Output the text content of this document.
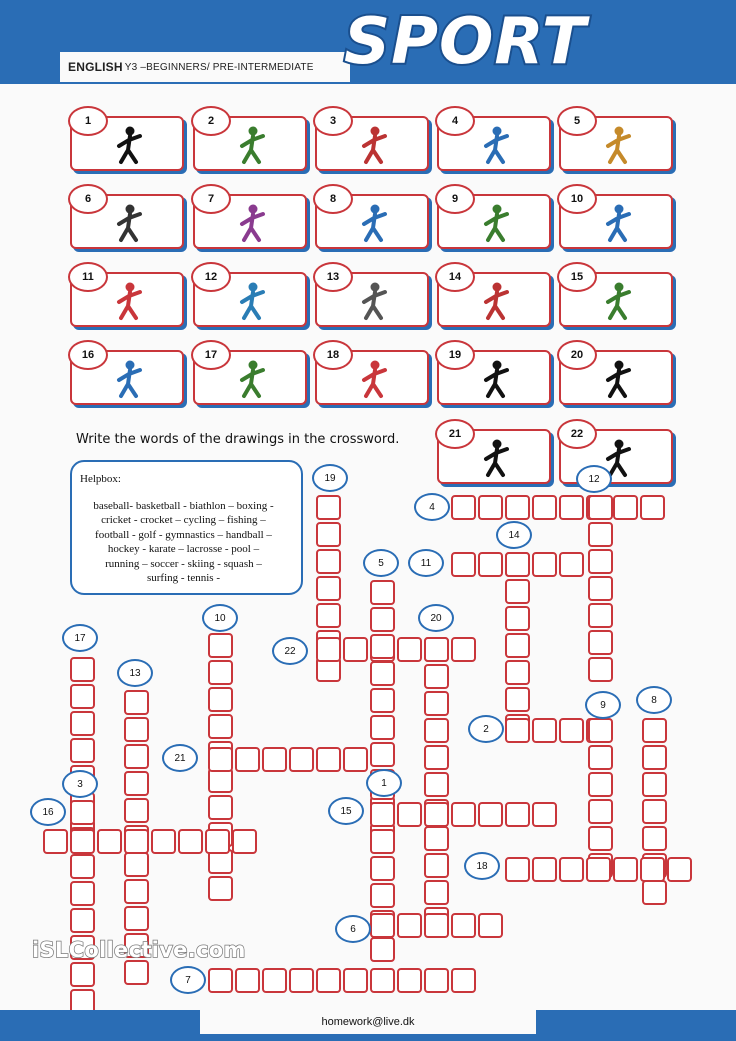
ENGLISH Y3 –BEGINNERS/ PRE-INTERMEDIATE SPORT
1	2	3	4	5
6	7	8	9	10
11	12	13	14	15
16	17	18	19	20
21	22
Write the words of the drawings in the crossword.
Helpbox:
baseball- basketball - biathlon – boxing -
cricket - crocket – cycling – fishing –
football - golf - gymnastics – handball –
hockey - karate – lacrosse - pool –
running – soccer - skiing - squash –
surfing - tennis -
1
2
3
4
5
6
7
8
9
10
11
12
13
14
15
16
17
18
19
20
21
22
iSLCollective.com
homework@live.dk
